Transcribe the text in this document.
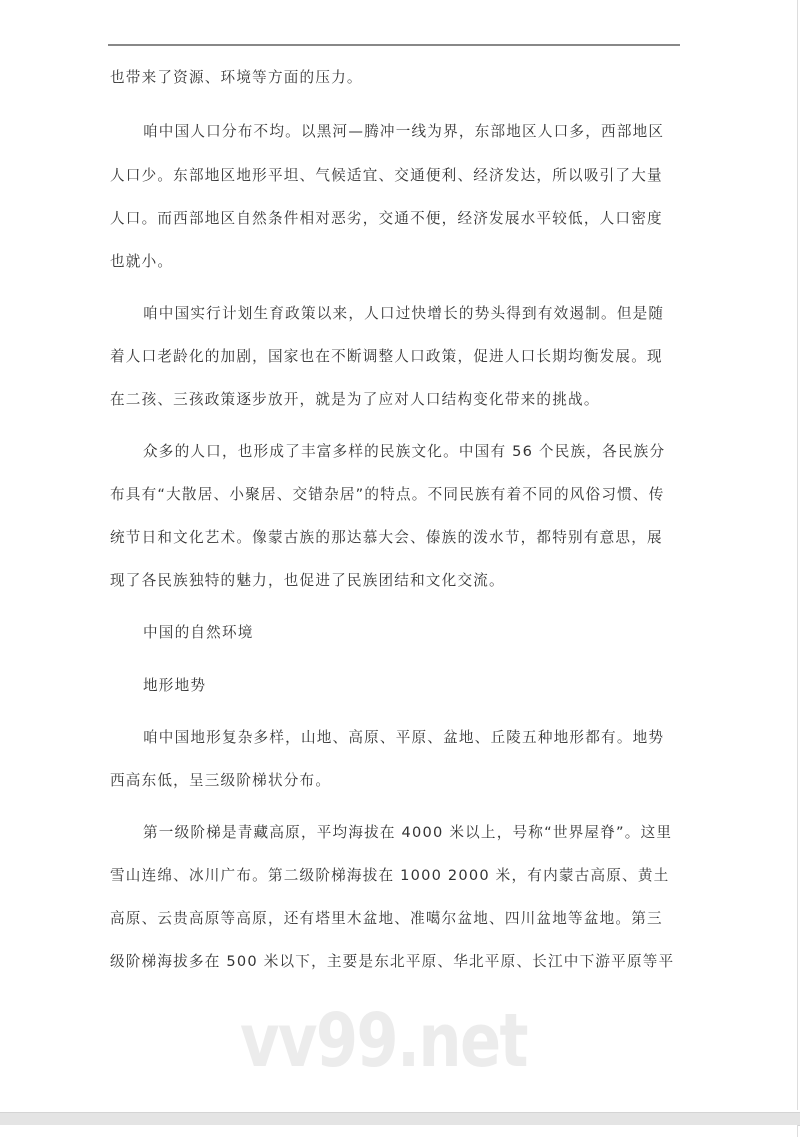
也带来了资源、环境等方面的压力。
咱中国人口分布不均。以黑河—腾冲一线为界，东部地区人口多，西部地区
人口少。东部地区地形平坦、气候适宜、交通便利、经济发达，所以吸引了大量
人口。而西部地区自然条件相对恶劣，交通不便，经济发展水平较低，人口密度
也就小。
咱中国实行计划生育政策以来，人口过快增长的势头得到有效遏制。但是随
着人口老龄化的加剧，国家也在不断调整人口政策，促进人口长期均衡发展。现
在二孩、三孩政策逐步放开，就是为了应对人口结构变化带来的挑战。
众多的人口，也形成了丰富多样的民族文化。中国有 56 个民族，各民族分
布具有“大散居、小聚居、交错杂居”的特点。不同民族有着不同的风俗习惯、传
统节日和文化艺术。像蒙古族的那达慕大会、傣族的泼水节，都特别有意思，展
现了各民族独特的魅力，也促进了民族团结和文化交流。
中国的自然环境
地形地势
咱中国地形复杂多样，山地、高原、平原、盆地、丘陵五种地形都有。地势
西高东低，呈三级阶梯状分布。
第一级阶梯是青藏高原，平均海拔在 4000 米以上，号称“世界屋脊”。这里
雪山连绵、冰川广布。第二级阶梯海拔在 1000 2000 米，有内蒙古高原、黄土
高原、云贵高原等高原，还有塔里木盆地、准噶尔盆地、四川盆地等盆地。第三
级阶梯海拔多在 500 米以下，主要是东北平原、华北平原、长江中下游平原等平
vv99.net
